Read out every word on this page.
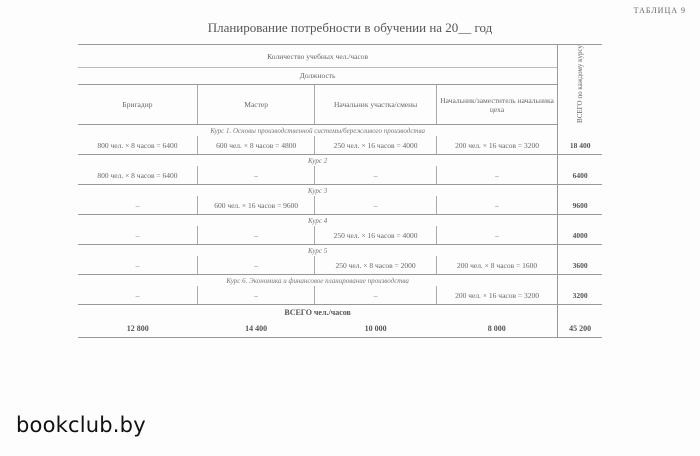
ТАБЛИЦА 9
Планирование потребности в обучении на 20__ год
Количество учебных чел./часов				ВСЕГО по каждому курсу
Должность				
Бригадир	Мастер	Начальник участка/смены	Начальник/заместитель начальника цеха	
Курс 1. Основы производственной системы/бережливого производства				
800 чел. × 8 часов = 6400	600 чел. × 8 часов = 4800	250 чел. × 16 часов = 4000	200 чел. × 16 часов = 3200	18 400
Курс 2				
800 чел. × 8 часов = 6400	–	–	–	6400
Курс 3				
–	600 чел. × 16 часов = 9600	–	–	9600
Курс 4				
–	–	250 чел. × 16 часов = 4000	–	4000
Курс 5				
–	–	250 чел. × 8 часов = 2000	200 чел. × 8 часов = 1600	3600
Курс 6. Экономика и финансовое планирование производства				
–	–	–	200 чел. × 16 часов = 3200	3200
ВСЕГО чел./часов				
12 800	14 400	10 000	8 000	45 200
bookclub.by
